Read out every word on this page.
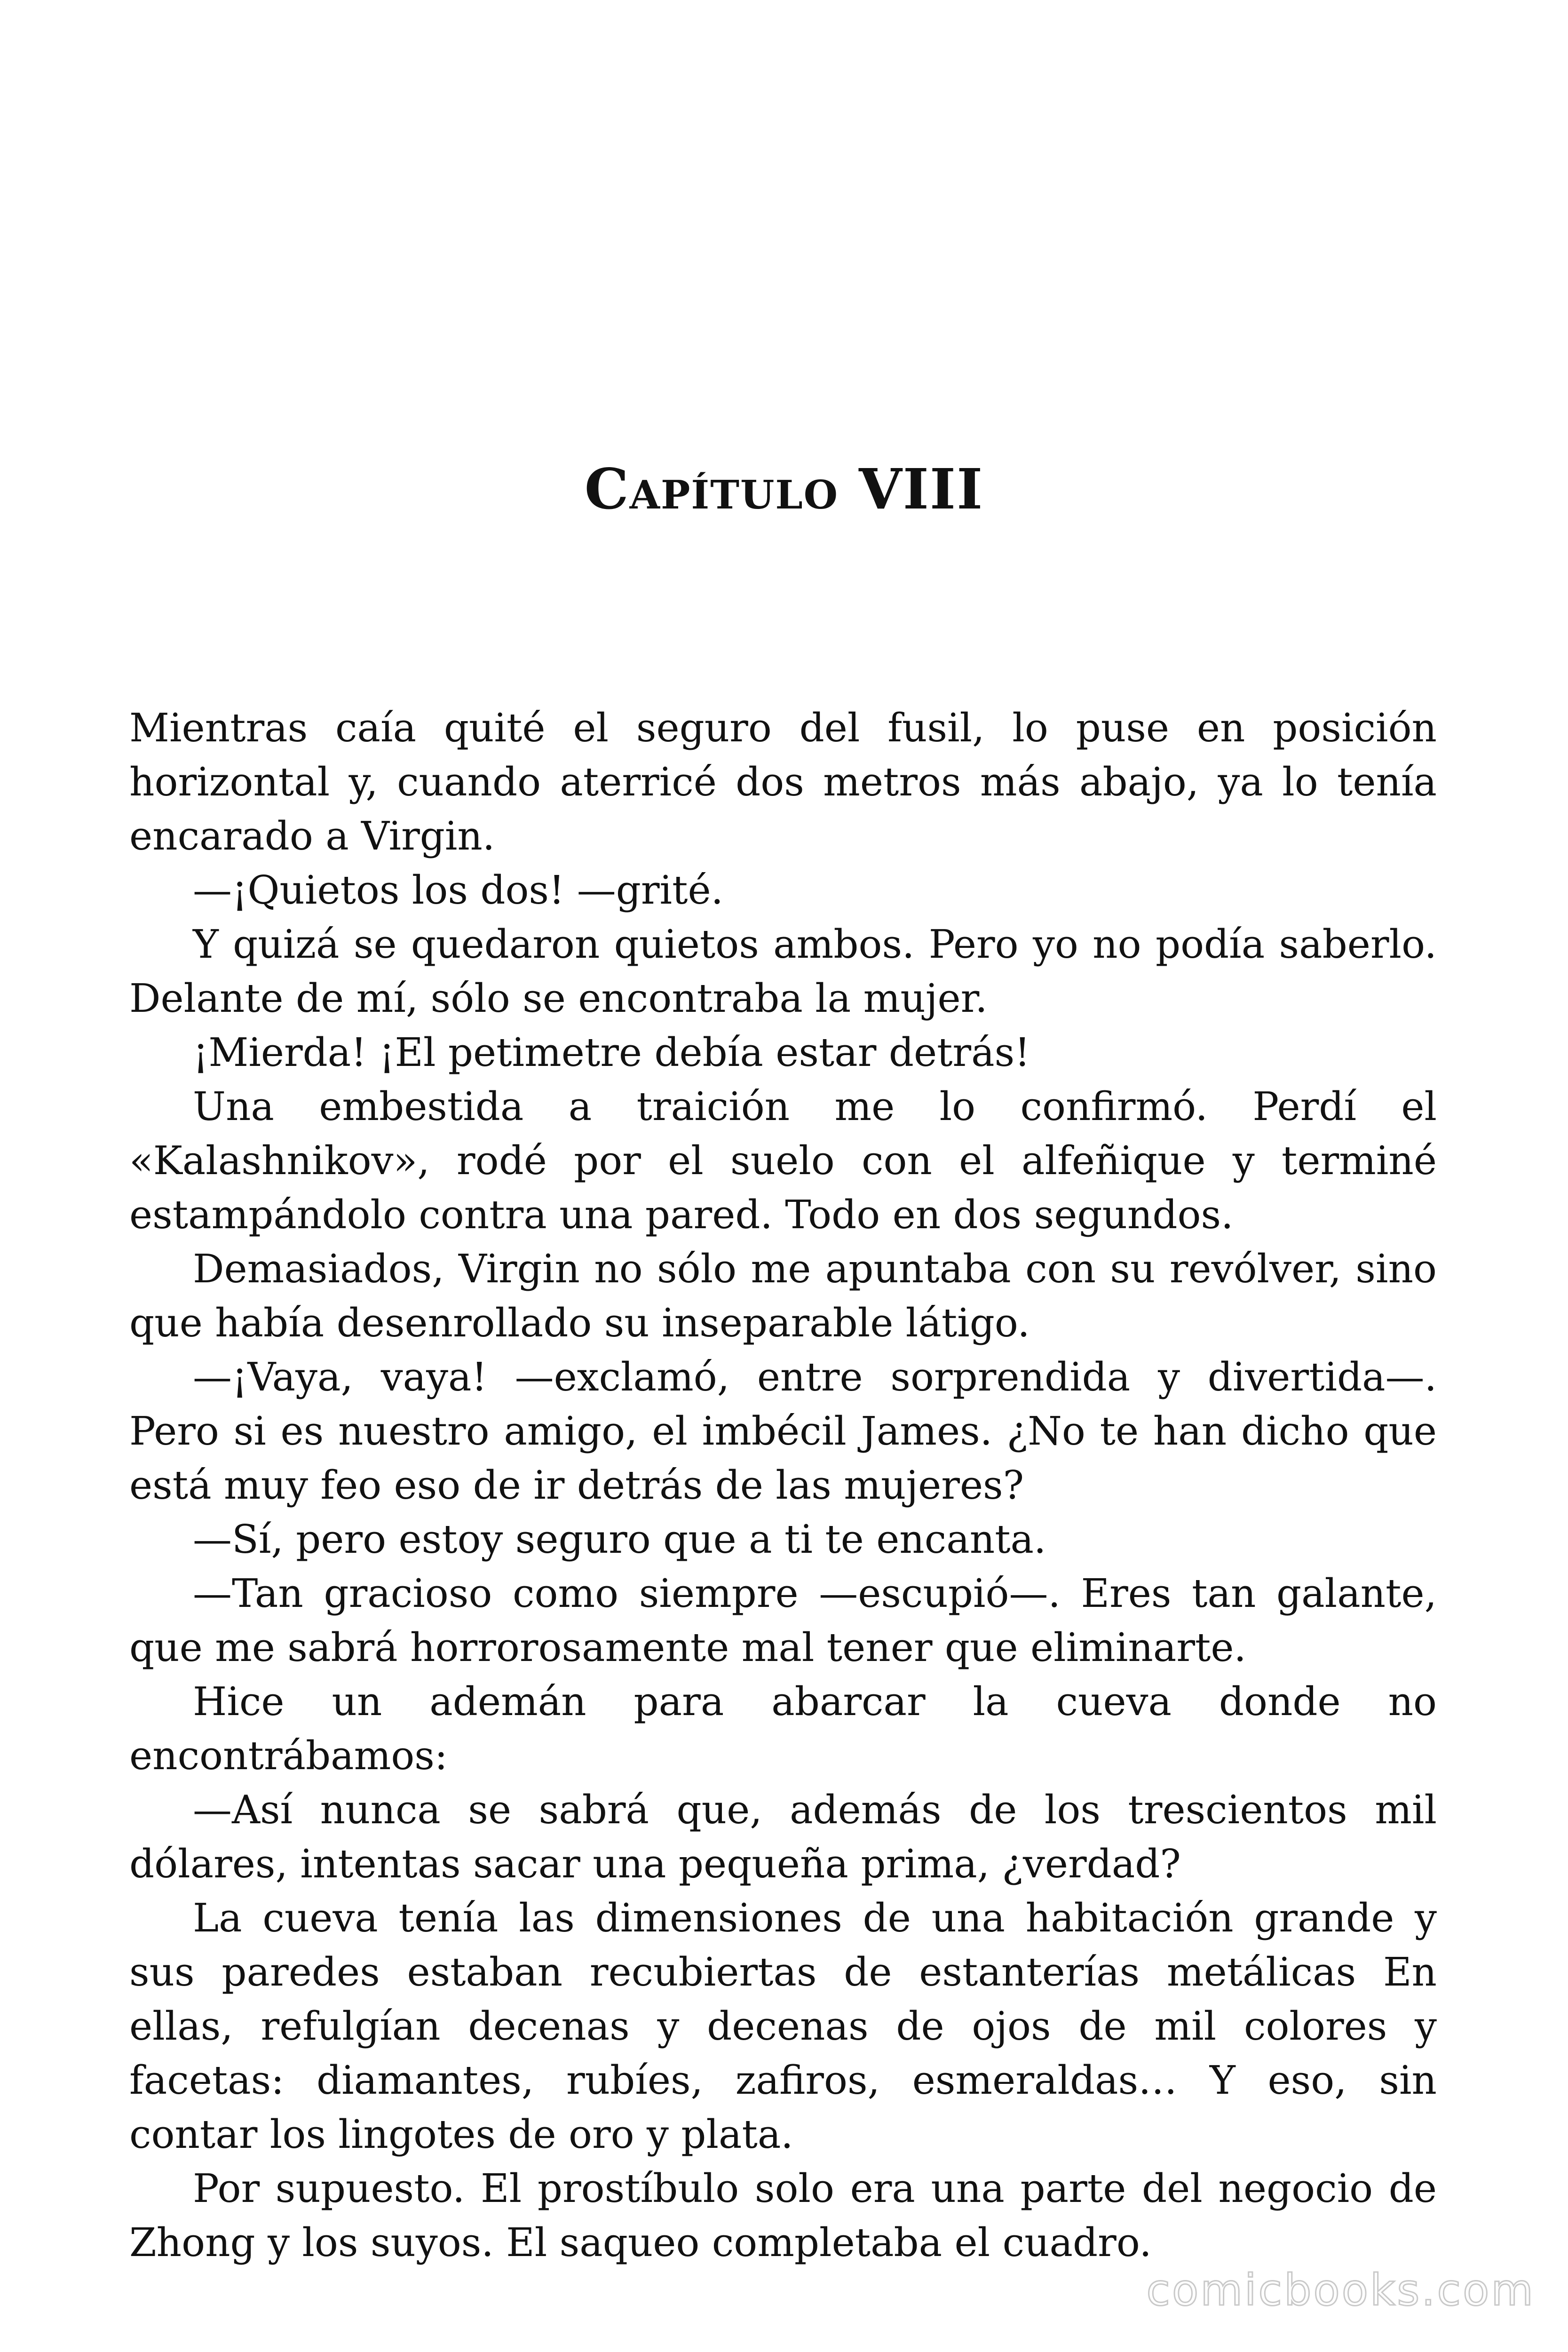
Capítulo VIII

Mientras caía quité el seguro del fusil, lo puse en posición horizontal y, cuando aterricé dos metros más abajo, ya lo tenía encarado a Virgin.

—¡Quietos los dos! —grité.

Y quizá se quedaron quietos ambos. Pero yo no podía saberlo. Delante de mí, sólo se encontraba la mujer.

¡Mierda! ¡El petimetre debía estar detrás!

Una embestida a traición me lo confirmó. Perdí el «Kalashnikov», rodé por el suelo con el alfeñique y terminé estampándolo contra una pared. Todo en dos segundos.

Demasiados, Virgin no sólo me apuntaba con su revólver, sino que había desenrollado su inseparable látigo.

—¡Vaya, vaya! —exclamó, entre sorprendida y divertida—. Pero si es nuestro amigo, el imbécil James. ¿No te han dicho que está muy feo eso de ir detrás de las mujeres?

—Sí, pero estoy seguro que a ti te encanta.

—Tan gracioso como siempre —escupió—. Eres tan galante, que me sabrá horrorosamente mal tener que eliminarte.

Hice un ademán para abarcar la cueva donde no encontrábamos:

—Así nunca se sabrá que, además de los trescientos mil dólares, intentas sacar una pequeña prima, ¿verdad?

La cueva tenía las dimensiones de una habitación grande y sus paredes estaban recubiertas de estanterías metálicas En ellas, refulgían decenas y decenas de ojos de mil colores y facetas: diamantes, rubíes, zafiros, esmeraldas… Y eso, sin contar los lingotes de oro y plata.

Por supuesto. El prostíbulo solo era una parte del negocio de Zhong y los suyos. El saqueo completaba el cuadro.

comicbooks.com
